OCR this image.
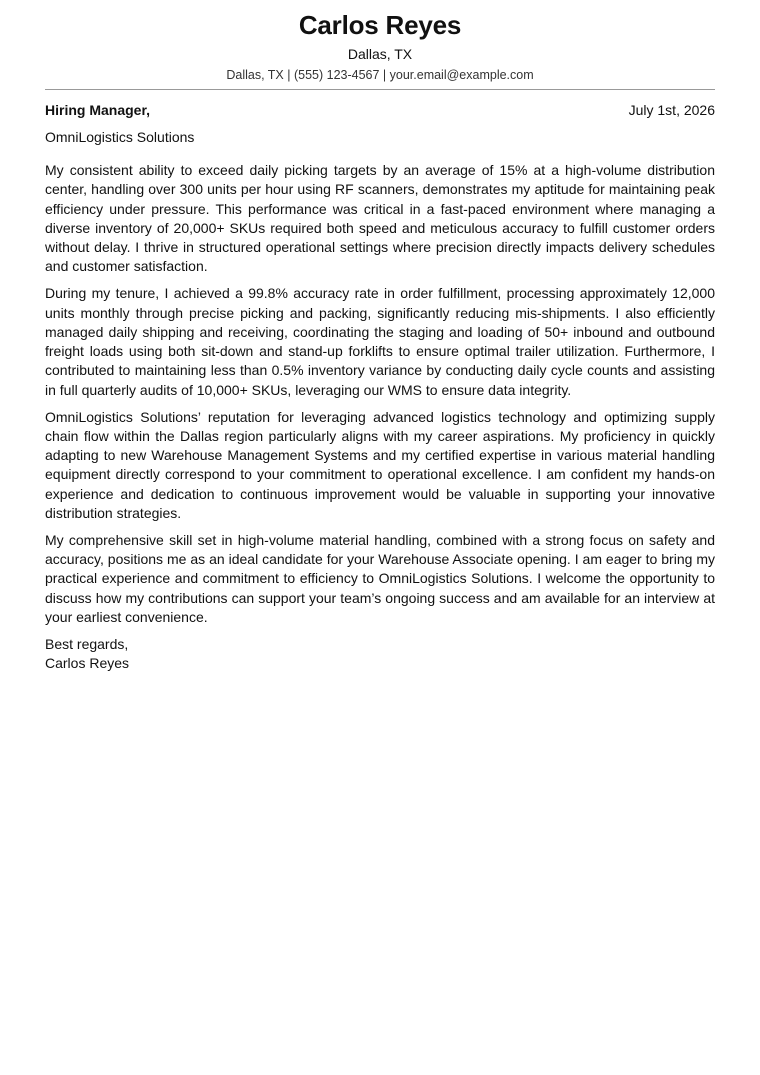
Carlos Reyes
Dallas, TX
Dallas, TX | (555) 123-4567 | your.email@example.com
Hiring Manager,	July 1st, 2026
OmniLogistics Solutions

My consistent ability to exceed daily picking targets by an average of 15% at a high-volume distribution center, handling over 300 units per hour using RF scanners, demonstrates my aptitude for maintaining peak efficiency under pressure. This performance was critical in a fast-paced environment where managing a diverse inventory of 20,000+ SKUs required both speed and meticulous accuracy to fulfill customer orders without delay. I thrive in structured operational settings where precision directly impacts delivery schedules and customer satisfaction.

During my tenure, I achieved a 99.8% accuracy rate in order fulfillment, processing approximately 12,000 units monthly through precise picking and packing, significantly reducing mis-shipments. I also efficiently managed daily shipping and receiving, coordinating the staging and loading of 50+ inbound and outbound freight loads using both sit-down and stand-up forklifts to ensure optimal trailer utilization. Furthermore, I contributed to maintaining less than 0.5% inventory variance by conducting daily cycle counts and assisting in full quarterly audits of 10,000+ SKUs, leveraging our WMS to ensure data integrity.

OmniLogistics Solutions’ reputation for leveraging advanced logistics technology and optimizing supply chain flow within the Dallas region particularly aligns with my career aspirations. My proficiency in quickly adapting to new Warehouse Management Systems and my certified expertise in various material handling equipment directly correspond to your commitment to operational excellence. I am confident my hands-on experience and dedication to continuous improvement would be valuable in supporting your innovative distribution strategies.

My comprehensive skill set in high-volume material handling, combined with a strong focus on safety and accuracy, positions me as an ideal candidate for your Warehouse Associate opening. I am eager to bring my practical experience and commitment to efficiency to OmniLogistics Solutions. I welcome the opportunity to discuss how my contributions can support your team’s ongoing success and am available for an interview at your earliest convenience.

Best regards,
Carlos Reyes
